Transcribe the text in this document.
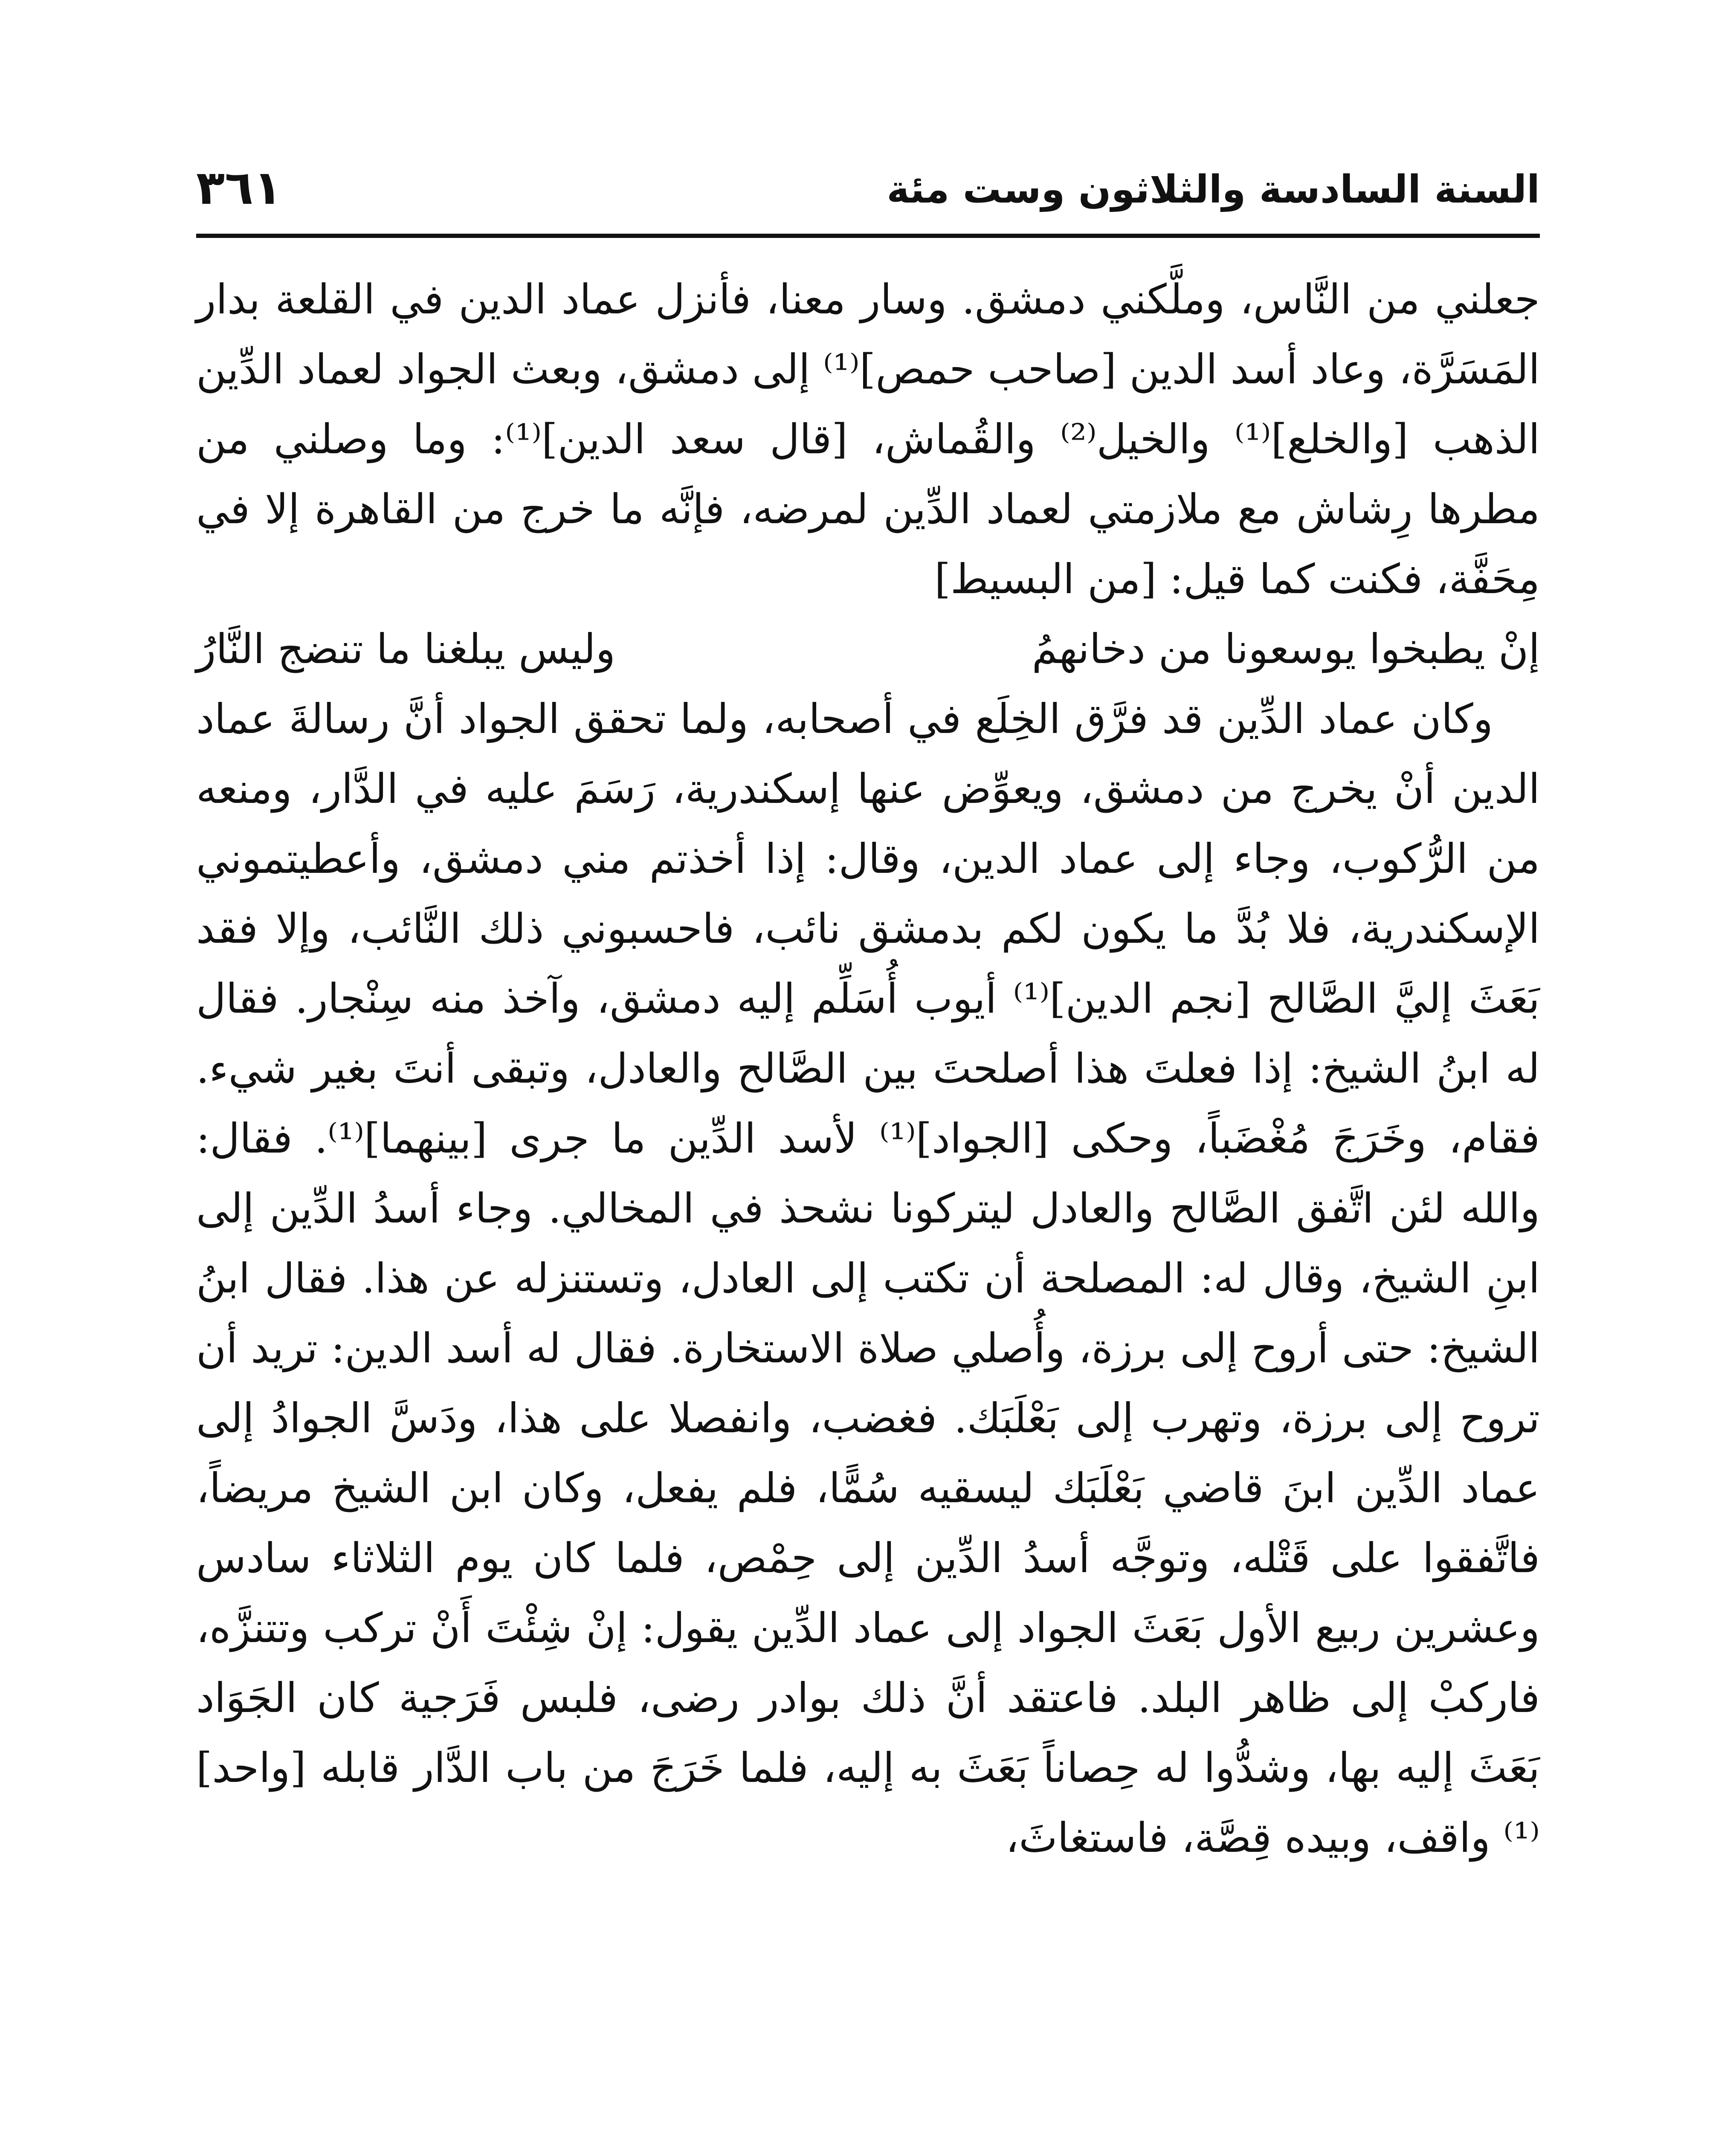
السنة السادسة والثلاثون وست مئة
٣٦١

جعلني من النَّاس، وملَّكني دمشق. وسار معنا، فأنزل عماد الدين في القلعة بدار المَسَرَّة، وعاد أسد الدين [صاحب حمص]⁽¹⁾ إلى دمشق، وبعث الجواد لعماد الدِّين الذهب [والخلع]⁽¹⁾ والخيل⁽²⁾ والقُماش، [قال سعد الدين]⁽¹⁾: وما وصلني من مطرها رِشاش مع ملازمتي لعماد الدِّين لمرضه، فإنَّه ما خرج من القاهرة إلا في مِحَفَّة، فكنت كما قيل: [من البسيط]

إنْ يطبخوا يوسعونا من دخانهمُ
وليس يبلغنا ما تنضج النَّارُ

وكان عماد الدِّين قد فرَّق الخِلَع في أصحابه، ولما تحقق الجواد أنَّ رسالةَ عماد الدين أنْ يخرج من دمشق، ويعوِّض عنها إسكندرية، رَسَمَ عليه في الدَّار، ومنعه من الرُّكوب، وجاء إلى عماد الدين، وقال: إذا أخذتم مني دمشق، وأعطيتموني الإسكندرية، فلا بُدَّ ما يكون لكم بدمشق نائب، فاحسبوني ذلك النَّائب، وإلا فقد بَعَثَ إليَّ الصَّالح [نجم الدين]⁽¹⁾ أيوب أُسَلِّم إليه دمشق، وآخذ منه سِنْجار. فقال له ابنُ الشيخ: إذا فعلتَ هذا أصلحتَ بين الصَّالح والعادل، وتبقى أنتَ بغير شيء. فقام، وخَرَجَ مُغْضَباً، وحكى [الجواد]⁽¹⁾ لأسد الدِّين ما جرى [بينهما]⁽¹⁾. فقال: والله لئن اتَّفق الصَّالح والعادل ليتركونا نشحذ في المخالي. وجاء أسدُ الدِّين إلى ابنِ الشيخ، وقال له: المصلحة أن تكتب إلى العادل، وتستنزله عن هذا. فقال ابنُ الشيخ: حتى أروح إلى برزة، وأُصلي صلاة الاستخارة. فقال له أسد الدين: تريد أن تروح إلى برزة، وتهرب إلى بَعْلَبَك. فغضب، وانفصلا على هذا، ودَسَّ الجوادُ إلى عماد الدِّين ابنَ قاضي بَعْلَبَك ليسقيه سُمًّا، فلم يفعل، وكان ابن الشيخ مريضاً، فاتَّفقوا على قَتْله، وتوجَّه أسدُ الدِّين إلى حِمْص، فلما كان يوم الثلاثاء سادس وعشرين ربيع الأول بَعَثَ الجواد إلى عماد الدِّين يقول: إنْ شِئْتَ أَنْ تركب وتتنزَّه، فاركبْ إلى ظاهر البلد. فاعتقد أنَّ ذلك بوادر رضى، فلبس فَرَجية كان الجَوَاد بَعَثَ إليه بها، وشدُّوا له حِصاناً بَعَثَ به إليه، فلما خَرَجَ من باب الدَّار قابله [واحد]⁽¹⁾ واقف، وبيده قِصَّة، فاستغاثَ،
